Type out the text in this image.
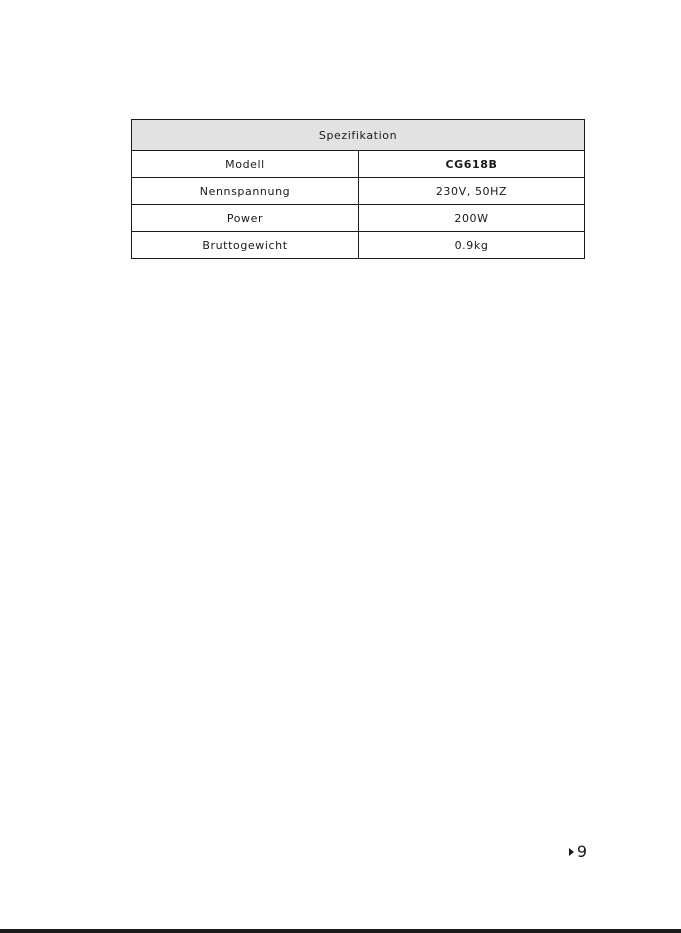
Spezifikation	
Modell	CG618B
Nennspannung	230V, 50HZ
Power	200W
Bruttogewicht	0.9kg
9
